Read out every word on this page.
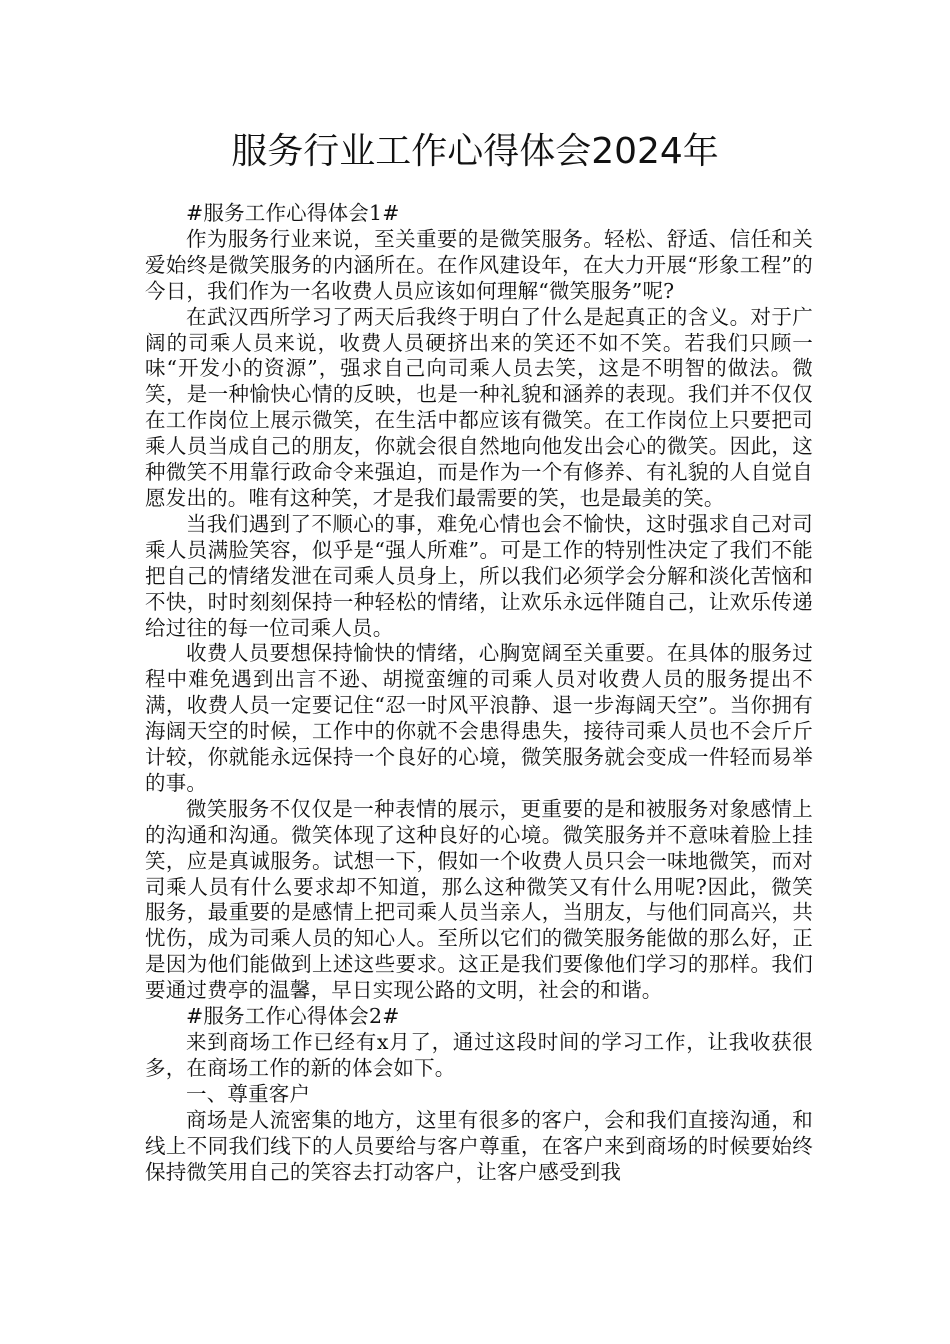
服务行业工作心得体会2024年

#服务工作心得体会1#

作为服务行业来说，至关重要的是微笑服务。轻松、舒适、信任和关爱始终是微笑服务的内涵所在。在作风建设年，在大力开展“形象工程”的今日，我们作为一名收费人员应该如何理解“微笑服务”呢?

在武汉西所学习了两天后我终于明白了什么是起真正的含义。对于广阔的司乘人员来说，收费人员硬挤出来的笑还不如不笑。若我们只顾一味“开发小的资源”，强求自己向司乘人员去笑，这是不明智的做法。微笑，是一种愉快心情的反映，也是一种礼貌和涵养的表现。我们并不仅仅在工作岗位上展示微笑，在生活中都应该有微笑。在工作岗位上只要把司乘人员当成自己的朋友，你就会很自然地向他发出会心的微笑。因此，这种微笑不用靠行政命令来强迫，而是作为一个有修养、有礼貌的人自觉自愿发出的。唯有这种笑，才是我们最需要的笑，也是最美的笑。

当我们遇到了不顺心的事，难免心情也会不愉快，这时强求自己对司乘人员满脸笑容，似乎是“强人所难”。可是工作的特别性决定了我们不能把自己的情绪发泄在司乘人员身上，所以我们必须学会分解和淡化苦恼和不快，时时刻刻保持一种轻松的情绪，让欢乐永远伴随自己，让欢乐传递给过往的每一位司乘人员。

收费人员要想保持愉快的情绪，心胸宽阔至关重要。在具体的服务过程中难免遇到出言不逊、胡搅蛮缠的司乘人员对收费人员的服务提出不满，收费人员一定要记住“忍一时风平浪静、退一步海阔天空”。当你拥有海阔天空的时候，工作中的你就不会患得患失，接待司乘人员也不会斤斤计较，你就能永远保持一个良好的心境，微笑服务就会变成一件轻而易举的事。

微笑服务不仅仅是一种表情的展示，更重要的是和被服务对象感情上的沟通和沟通。微笑体现了这种良好的心境。微笑服务并不意味着脸上挂笑，应是真诚服务。试想一下，假如一个收费人员只会一味地微笑，而对司乘人员有什么要求却不知道，那么这种微笑又有什么用呢?因此，微笑服务，最重要的是感情上把司乘人员当亲人，当朋友，与他们同高兴，共忧伤，成为司乘人员的知心人。至所以它们的微笑服务能做的那么好，正是因为他们能做到上述这些要求。这正是我们要像他们学习的那样。我们要通过费亭的温馨，早日实现公路的文明，社会的和谐。

#服务工作心得体会2#

来到商场工作已经有x月了，通过这段时间的学习工作，让我收获很多，在商场工作的新的体会如下。

一、尊重客户

商场是人流密集的地方，这里有很多的客户，会和我们直接沟通，和线上不同我们线下的人员要给与客户尊重，在客户来到商场的时候要始终保持微笑用自己的笑容去打动客户，让客户感受到我
